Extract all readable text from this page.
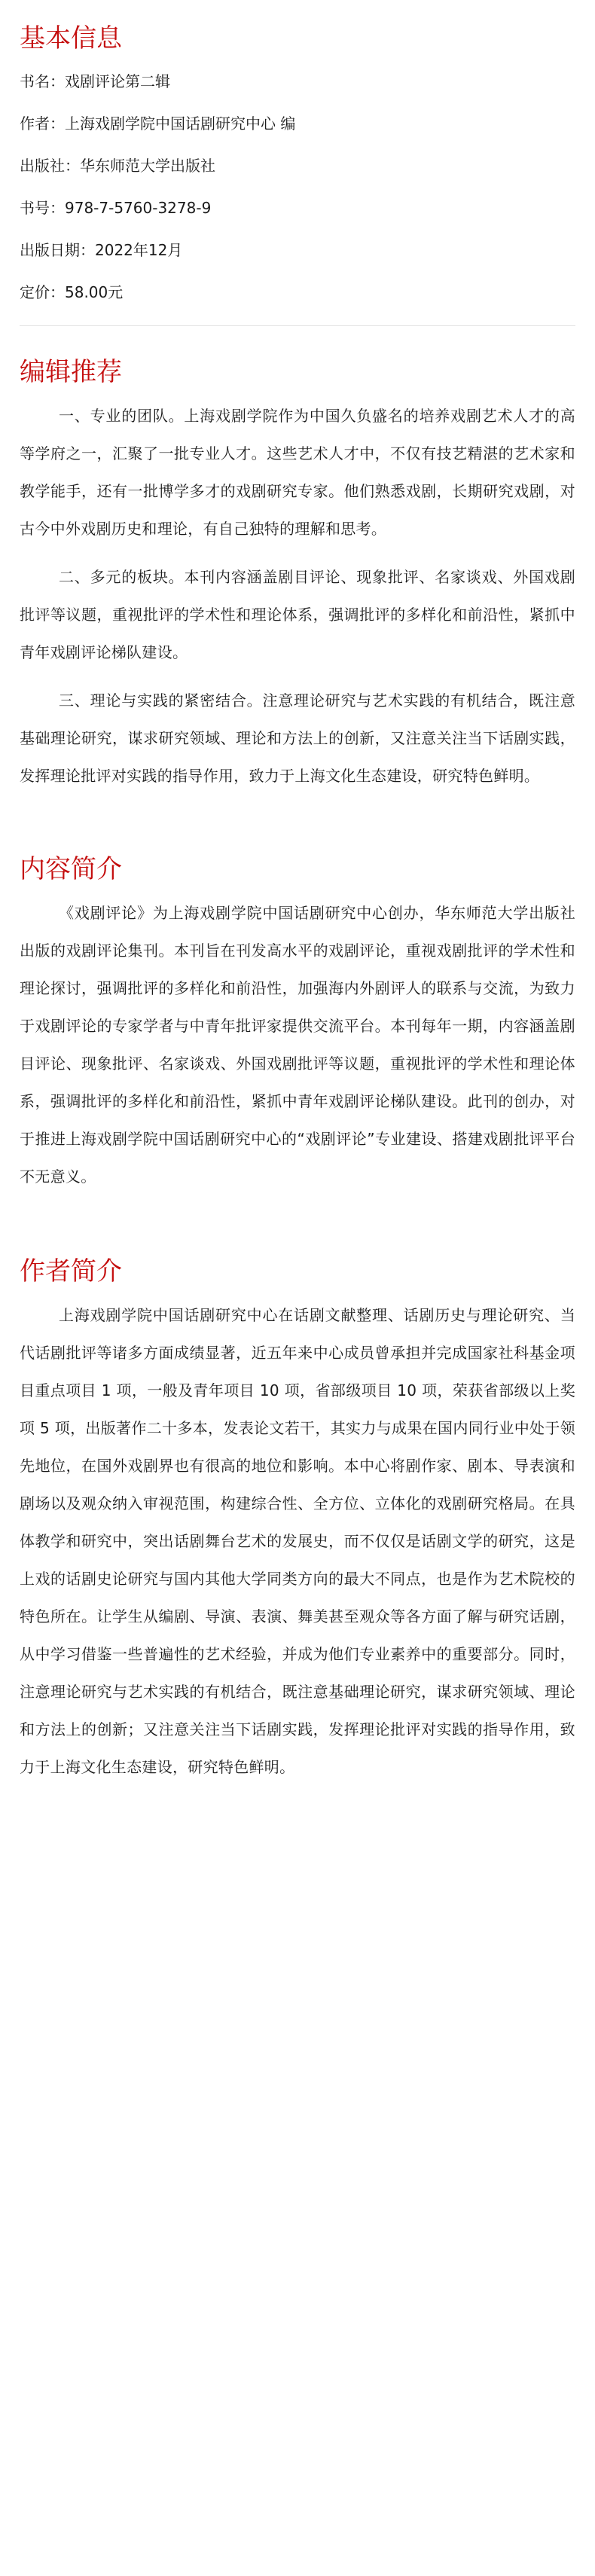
基本信息
书名 ： 戏剧评论第二辑
作者 ： 上海戏剧学院中国话剧研究中心 编
出版社 ： 华东师范大学出版社
书号 ： 978-7-5760-3278-9
出版日期 ： 2022年12月
定价 ： 58.00元
编辑推荐

一、专业的团队。上海戏剧学院作为中国久负盛名的培养戏剧艺术人才的高等学府之一，汇聚了一批专业人才。这些艺术人才中，不仅有技艺精湛的艺术家和教学能手，还有一批博学多才的戏剧研究专家。他们熟悉戏剧，长期研究戏剧，对古今中外戏剧历史和理论，有自己独特的理解和思考。

二、多元的板块。本刊内容涵盖剧目评论、现象批评、名家谈戏、外国戏剧批评等议题，重视批评的学术性和理论体系，强调批评的多样化和前沿性，紧抓中青年戏剧评论梯队建设。

三、理论与实践的紧密结合。注意理论研究与艺术实践的有机结合，既注意基础理论研究，谋求研究领域、理论和方法上的创新，又注意关注当下话剧实践，发挥理论批评对实践的指导作用，致力于上海文化生态建设，研究特色鲜明。

内容简介

《戏剧评论》为上海戏剧学院中国话剧研究中心创办，华东师范大学出版社出版的戏剧评论集刊。本刊旨在刊发高水平的戏剧评论，重视戏剧批评的学术性和理论探讨，强调批评的多样化和前沿性，加强海内外剧评人的联系与交流，为致力于戏剧评论的专家学者与中青年批评家提供交流平台。本刊每年一期，内容涵盖剧目评论、现象批评、名家谈戏、外国戏剧批评等议题，重视批评的学术性和理论体系，强调批评的多样化和前沿性，紧抓中青年戏剧评论梯队建设。此刊的创办，对于推进上海戏剧学院中国话剧研究中心的“戏剧评论”专业建设、搭建戏剧批评平台不无意义。

作者简介

上海戏剧学院中国话剧研究中心在话剧文献整理、话剧历史与理论研究、当代话剧批评等诸多方面成绩显著，近五年来中心成员曾承担并完成国家社科基金项目重点项目 1 项，一般及青年项目 10 项，省部级项目 10 项，荣获省部级以上奖项 5 项，出版著作二十多本，发表论文若干，其实力与成果在国内同行业中处于领先地位，在国外戏剧界也有很高的地位和影响。本中心将剧作家、剧本、导表演和剧场以及观众纳入审视范围，构建综合性、全方位、立体化的戏剧研究格局。在具体教学和研究中，突出话剧舞台艺术的发展史，而不仅仅是话剧文学的研究，这是上戏的话剧史论研究与国内其他大学同类方向的最大不同点，也是作为艺术院校的特色所在。让学生从编剧、导演、表演、舞美甚至观众等各方面了解与研究话剧，从中学习借鉴一些普遍性的艺术经验，并成为他们专业素养中的重要部分。同时，注意理论研究与艺术实践的有机结合，既注意基础理论研究，谋求研究领域、理论和方法上的创新；又注意关注当下话剧实践，发挥理论批评对实践的指导作用，致力于上海文化生态建设，研究特色鲜明。
